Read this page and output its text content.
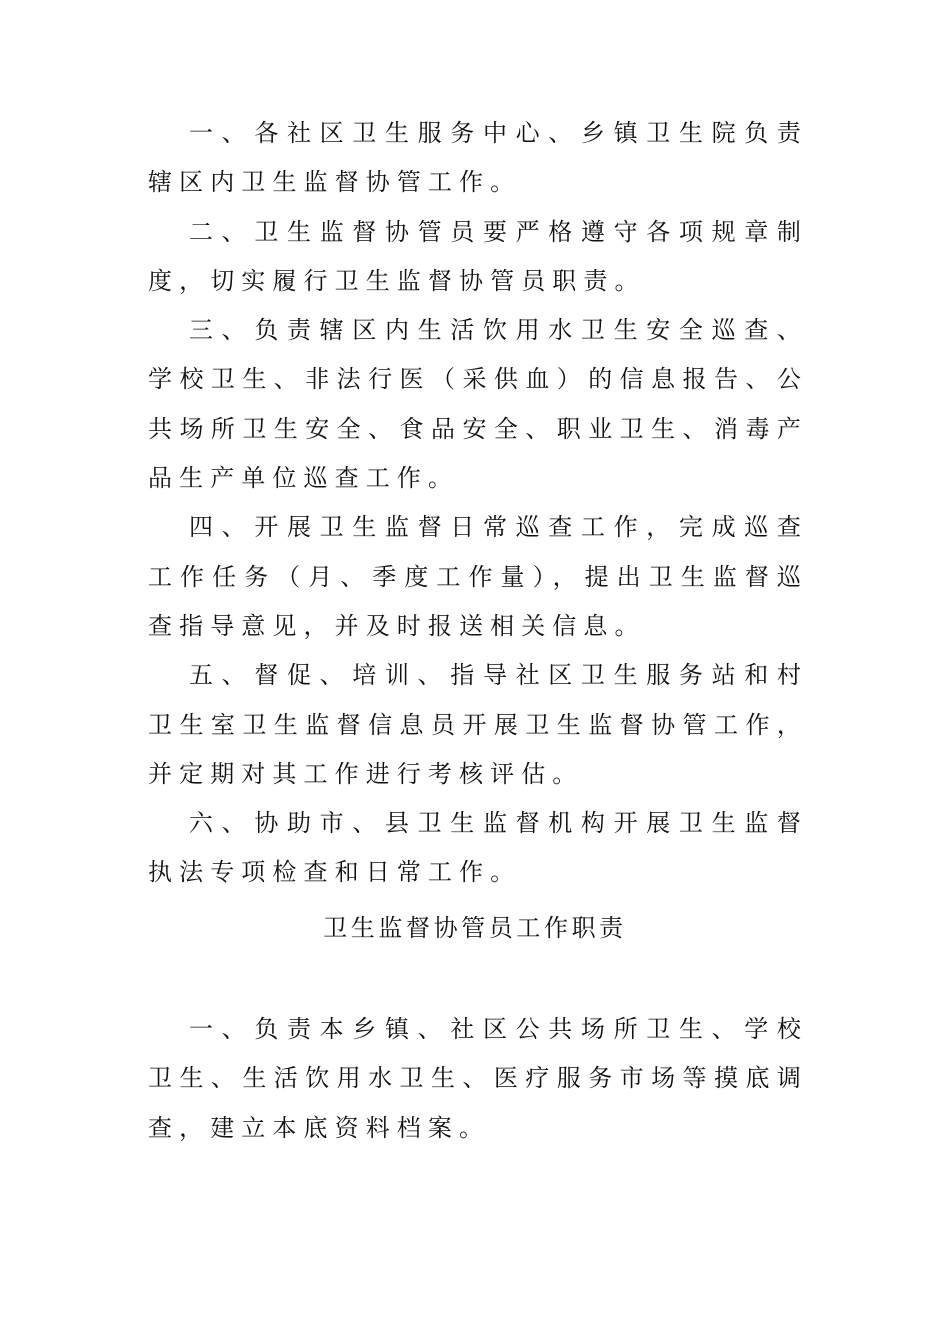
一、各社区卫生服务中心、乡镇卫生院负责辖区内卫生监督协管工作。

二、卫生监督协管员要严格遵守各项规章制度，切实履行卫生监督协管员职责。

三、负责辖区内生活饮用水卫生安全巡查、学校卫生、非法行医（采供血）的信息报告、公共场所卫生安全、食品安全、职业卫生、消毒产品生产单位巡查工作。

四、开展卫生监督日常巡查工作，完成巡查工作任务（月、季度工作量），提出卫生监督巡查指导意见，并及时报送相关信息。

五、督促、培训、指导社区卫生服务站和村卫生室卫生监督信息员开展卫生监督协管工作，并定期对其工作进行考核评估。

六、协助市、县卫生监督机构开展卫生监督执法专项检查和日常工作。

卫生监督协管员工作职责

一、负责本乡镇、社区公共场所卫生、学校卫生、生活饮用水卫生、医疗服务市场等摸底调查，建立本底资料档案。
